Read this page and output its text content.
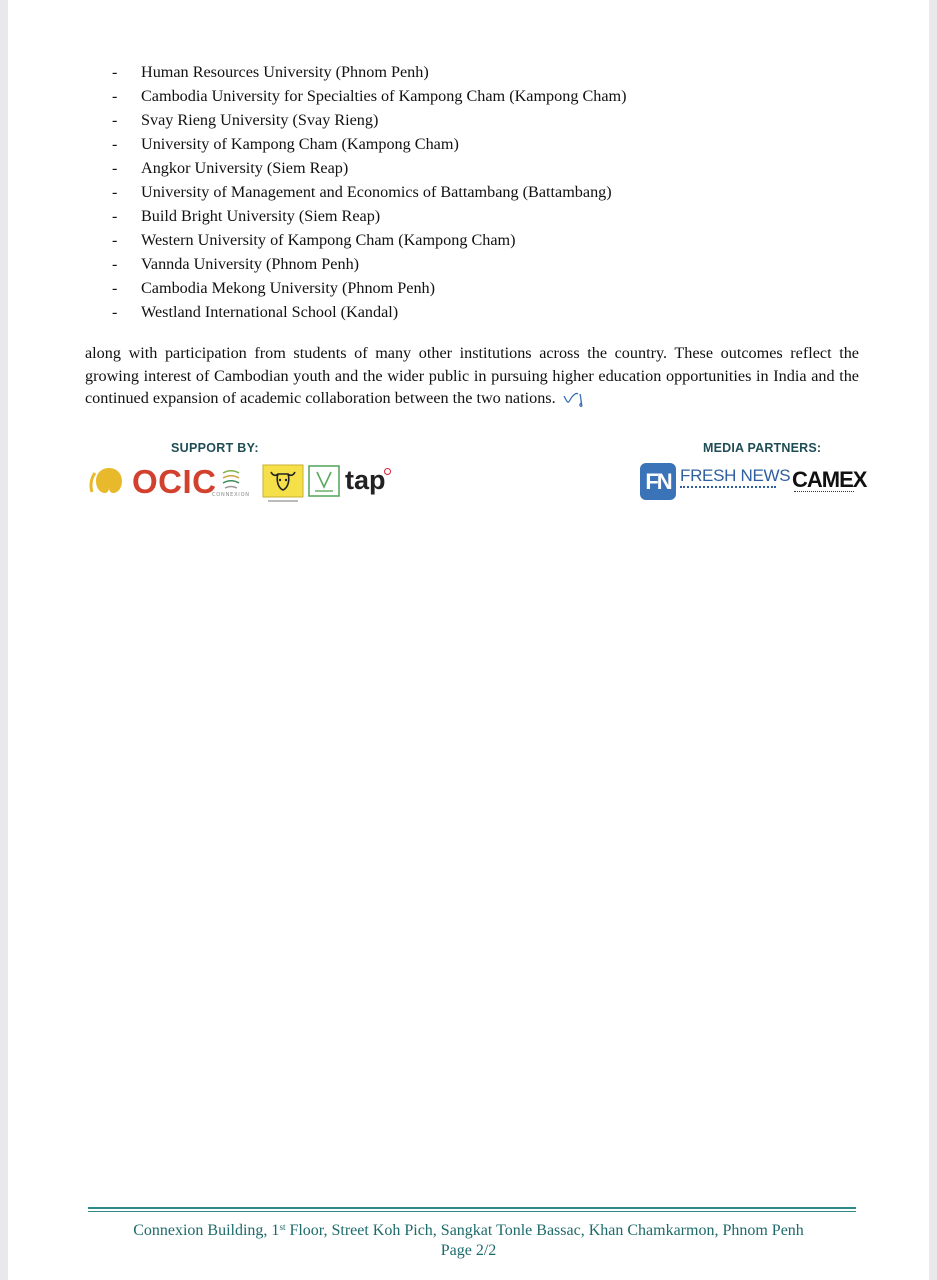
- Human Resources University (Phnom Penh)
- Cambodia University for Specialties of Kampong Cham (Kampong Cham)
- Svay Rieng University (Svay Rieng)
- University of Kampong Cham (Kampong Cham)
- Angkor University (Siem Reap)
- University of Management and Economics of Battambang (Battambang)
- Build Bright University (Siem Reap)
- Western University of Kampong Cham (Kampong Cham)
- Vannda University (Phnom Penh)
- Cambodia Mekong University (Phnom Penh)
- Westland International School (Kandal)

along with participation from students of many other institutions across the country. These outcomes reflect the growing interest of Cambodian youth and the wider public in pursuing higher education opportunities in India and the continued expansion of academic collaboration between the two nations.

SUPPORT BY:	MEDIA PARTNERS:
OCIC
CONNEXION	tap	FN FRESH NEWS CAMEX
Connexion Building, 1st Floor, Street Koh Pich, Sangkat Tonle Bassac, Khan Chamkarmon, Phnom Penh
Page 2/2
